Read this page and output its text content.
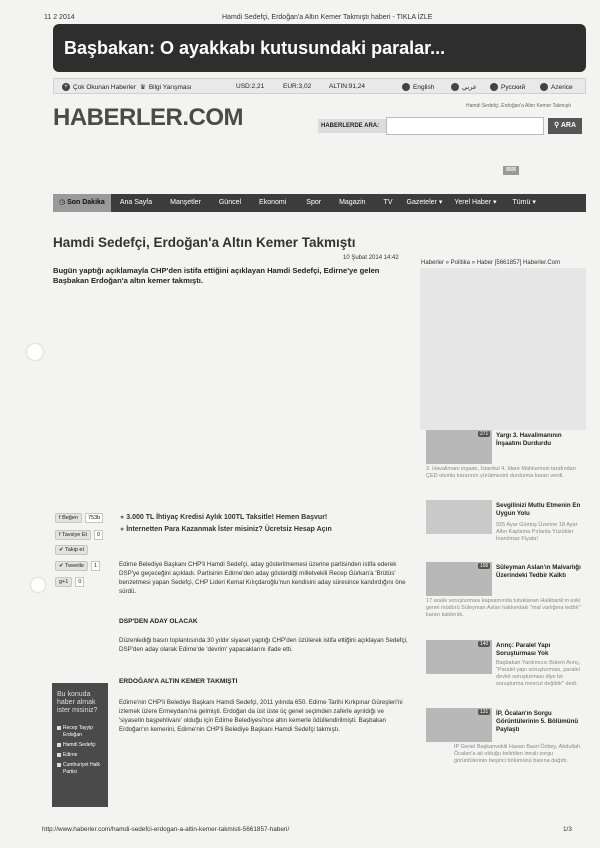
11 2 2014	Hamdi Sedefçi, Erdoğan'a Altın Kemer Takmıştı haberi - TIKLA İZLE
Başbakan: O ayakkabı kutusundaki paralar...
+ Çok Okunan Haberler ♛ Bilgi Yarışması	USD:2,21	EUR:3,02	ALTIN:91,24	English	عربي	Русский	Azerice
Hamdi Sedefçi, Erdoğan'a Altın Kemer Takmıştı
HABERLER.COM	HABERLERDE ARA:	⚲ ARA
⊠⊠
◷ Son Dakika	Ana Sayfa	Manşetler	Güncel	Ekonomi	Spor	Magazin	TV	Gazeteler ▾	Yerel Haber ▾	Tümü ▾
Hamdi Sedefçi, Erdoğan'a Altın Kemer Takmıştı
10 Şubat 2014 14:42
Haberler » Politika » Haber [5661857] Haberler.Com
Bugün yaptığı açıklamayla CHP'den istifa ettiğini açıklayan Hamdi Sedefçi, Edirne'ye gelen Başbakan Erdoğan'a altın kemer takmıştı.
271	Yargı 3. Havalimanının İnşaatını Durdurdu
3. Havalimanı inşaatı, İstanbul 4. İdare Mahkemesi tarafından ÇED olumlu kararının yürütmesini durdurma kararı verdi.
Sevgilinizi Mutlu Etmenin En Uygun Yolu
925 Ayar Gümüş Üzerine 18 Ayar Altın Kaplama Pırlanta Yüzükler İnanılmaz Fiyata!
156	Süleyman Aslan'ın Malvarlığı Üzerindeki Tedbir Kalktı
17 aralık soruşturması kapsamında tutuklanan Halkbank'ın eski genel müdürü Süleyman Aslan hakkındaki "mal varlığına tedbir" kararı kaldırıldı.
140	Arınç: Paralel Yapı Soruşturması Yok
Başbakan Yardımcısı Bülent Arınç, "Paralel yapı soruşturması, paralel devlet soruşturması diye bir soruşturma mevcut değildir" dedi.
131	İP, Öcalan'ın Sorgu Görüntülerinin 5. Bölümünü Paylaştı
İP Genel Başkanvekili Hasan Basri Özbey, Abdullah Öcalan'a ait olduğu belirtilen imralı sorgu görüntülerinin beşinci bölümünü basına dağıttı.
f Beğen	753b
f Tavsiye Et	0
✔ Takip et
✔ Tweetle	1
g+1	0
● 3.000 TL İhtiyaç Kredisi Aylık 100TL Taksitle! Hemen Başvur!
● İnternetten Para Kazanmak İster misiniz? Ücretsiz Hesap Açın
Edirne Belediye Başkanı CHP'li Hamdi Sedefçi, aday gösterilmemesi üzerine partisinden istifa ederek DSP'ye geçeceğini açıkladı. Partisinin Edirne'den aday gösterdiği milletvekili Recep Gürkan'a 'Brütüs' benzetmesi yapan Sedefçi, CHP Lideri Kemal Kılıçdaroğlu'nun kendisini aday süresince kandırdığını öne sürdü.
DSP'DEN ADAY OLACAK
Düzenlediği basın toplantısında 30 yıldır siyaset yaptığı CHP'den üzülerek istifa ettiğini açıklayan Sedefçi, DSP'den aday olarak Edirne'de 'devrim' yapacaklarını ifade etti.
ERDOĞAN'A ALTIN KEMER TAKMIŞTI
Edirne'nin CHP'li Belediye Başkanı Hamdi Sedefçi, 2011 yılında 650. Edirne Tarihi Kırkpınar Güreşleri'ni izlemek üzere Ermeydanı'na gelmişti. Erdoğan da üst üste üç genel seçimden zaferle ayrıldığı ve 'siyasetin başpehlivanı' olduğu için Edirne Belediyesi'nce altın kemerle ödüllendirilmişti. Başbakan Erdoğan'ın kemerini, Edirne'nin CHP'li Belediye Başkanı Hamdi Sedefçi takmıştı.
Bu konuda haber almak ister misiniz?
Recep Tayyip Erdoğan
Hamdi Sedefçi
Edirne
Cumhuriyet Halk Partisi
http://www.haberler.com/hamdi-sedefci-erdogan-a-altin-kemer-takmisti-5661857-haberi/	1/3
